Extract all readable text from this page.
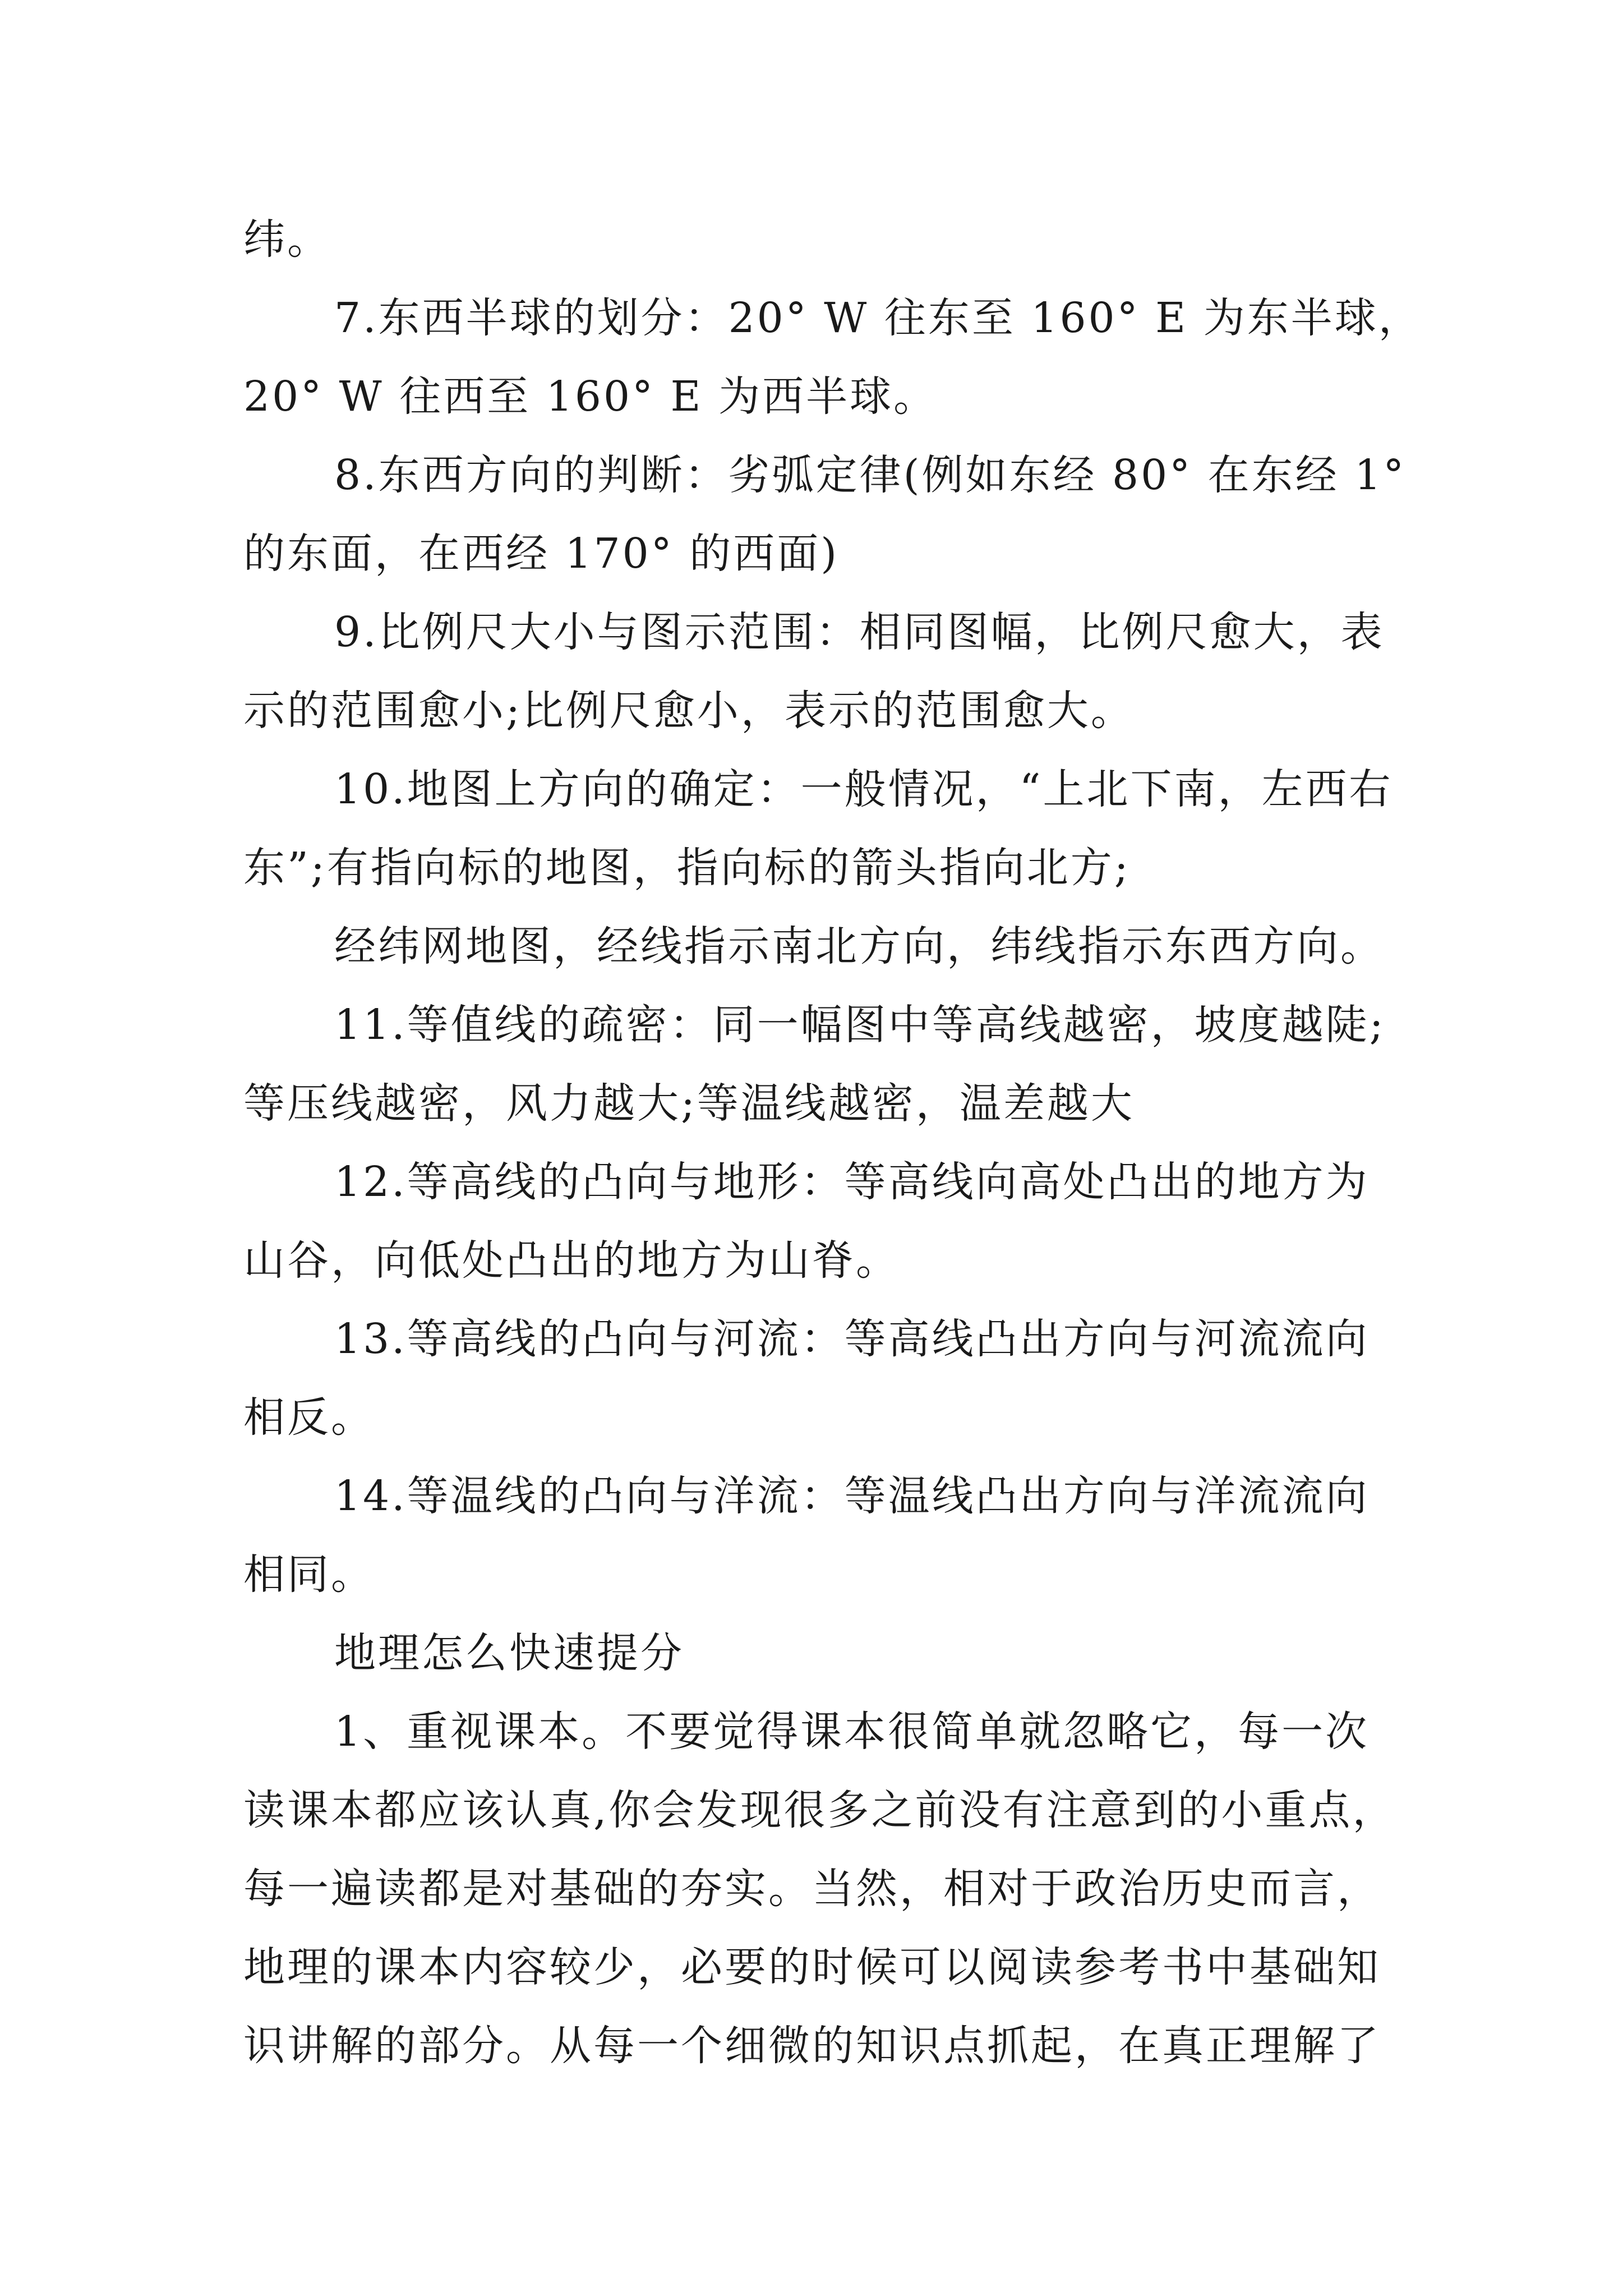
纬。

7.东西半球的划分：20° W 往东至 160° E 为东半球，
20° W 往西至 160° E 为西半球。

8.东西方向的判断：劣弧定律(例如东经 80° 在东经 1°
的东面，在西经 170° 的西面)

9.比例尺大小与图示范围：相同图幅，比例尺愈大，表
示的范围愈小;比例尺愈小，表示的范围愈大。

10.地图上方向的确定：一般情况，“上北下南，左西右
东”;有指向标的地图，指向标的箭头指向北方;

经纬网地图，经线指示南北方向，纬线指示东西方向。

11.等值线的疏密：同一幅图中等高线越密，坡度越陡;
等压线越密，风力越大;等温线越密，温差越大

12.等高线的凸向与地形：等高线向高处凸出的地方为
山谷，向低处凸出的地方为山脊。

13.等高线的凸向与河流：等高线凸出方向与河流流向
相反。

14.等温线的凸向与洋流：等温线凸出方向与洋流流向
相同。

地理怎么快速提分

1、重视课本。不要觉得课本很简单就忽略它，每一次
读课本都应该认真,你会发现很多之前没有注意到的小重点，
每一遍读都是对基础的夯实。当然，相对于政治历史而言，
地理的课本内容较少，必要的时候可以阅读参考书中基础知
识讲解的部分。从每一个细微的知识点抓起，在真正理解了
